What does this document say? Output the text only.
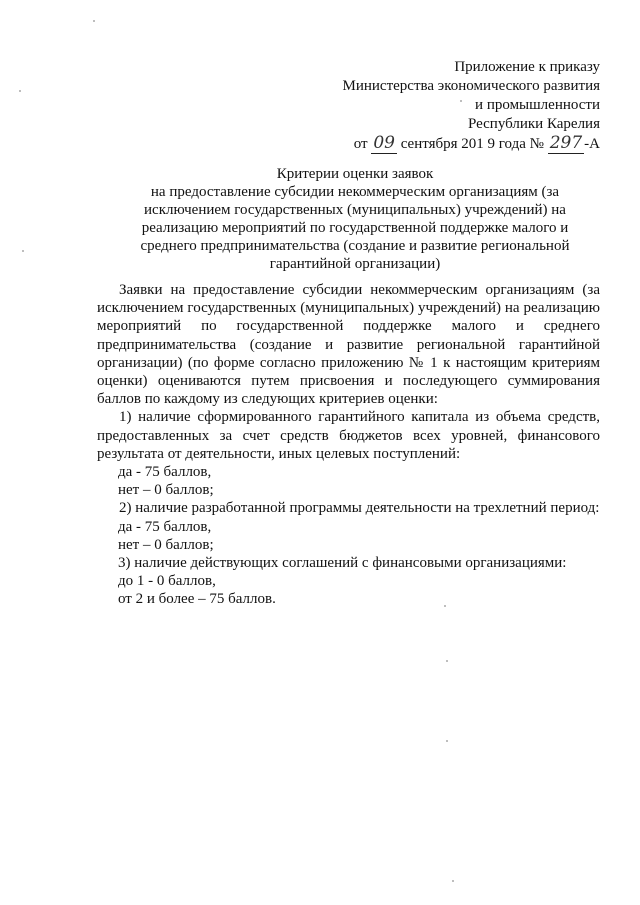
Приложение к приказу
Министерства экономического развития
и промышленности
Республики Карелия
от 09 сентября 201 9 года № 297 -А
Критерии оценки заявок
на предоставление субсидии некоммерческим организациям (за
исключением государственных (муниципальных) учреждений) на
реализацию мероприятий по государственной поддержке малого и
среднего предпринимательства (создание и развитие региональной
гарантийной организации)

Заявки на предоставление субсидии некоммерческим организациям (за исключением государственных (муниципальных) учреждений) на реализацию мероприятий по государственной поддержке малого и среднего предпринимательства (создание и развитие региональной гарантийной организации) (по форме согласно приложению № 1 к настоящим критериям оценки) оцениваются путем присвоения и последующего суммирования баллов по каждому из следующих критериев оценки:

1) наличие сформированного гарантийного капитала из объема средств, предоставленных за счет средств бюджетов всех уровней, финансового результата от деятельности, иных целевых поступлений:

да - 75 баллов,

нет – 0 баллов;

2) наличие разработанной программы деятельности на трехлетний период:

да - 75 баллов,

нет – 0 баллов;

3) наличие действующих соглашений с финансовыми организациями:

до 1 - 0 баллов,

от 2 и более – 75 баллов.
